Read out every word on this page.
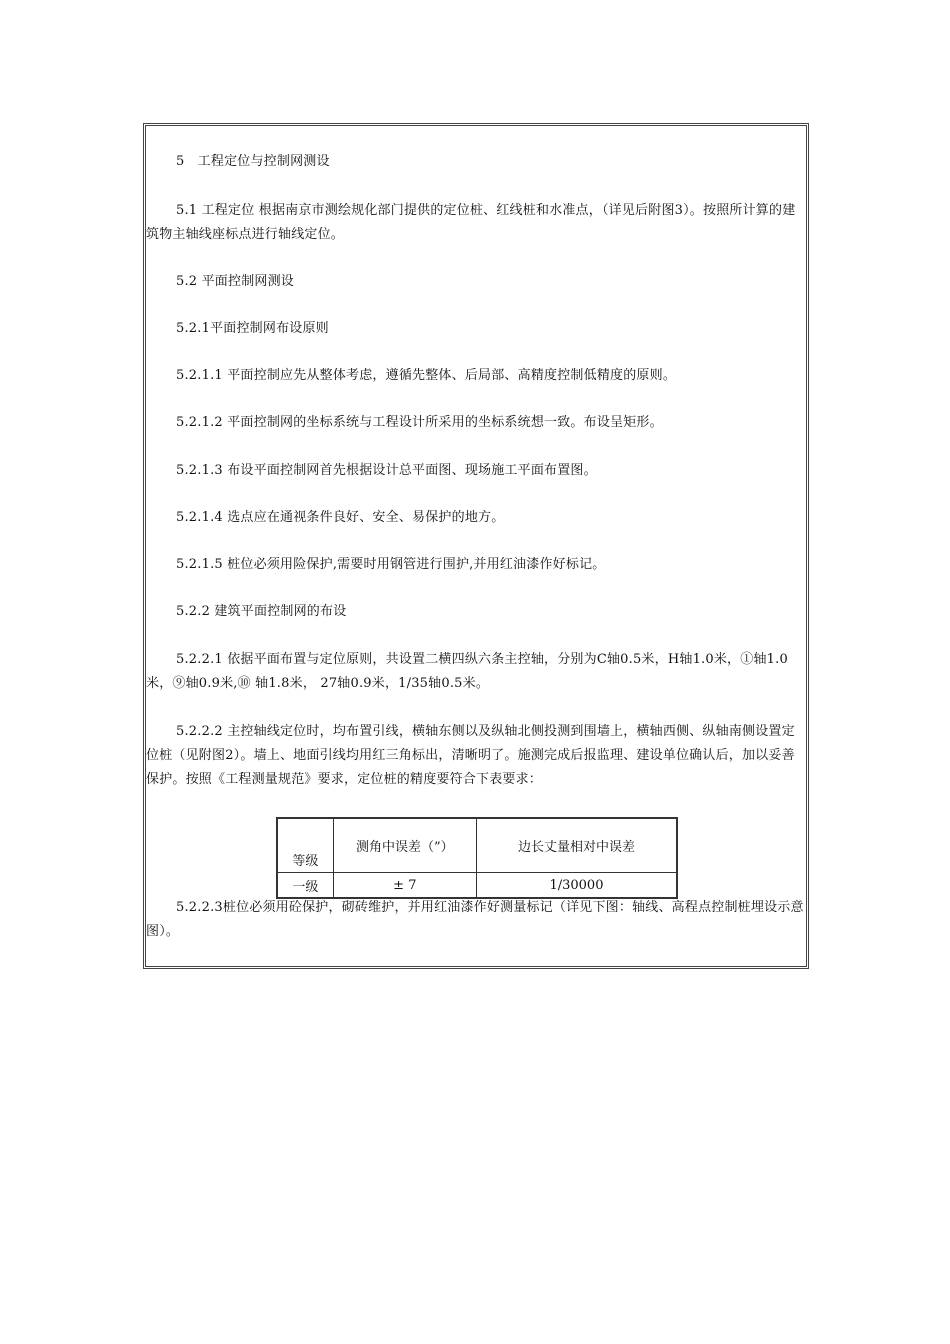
5　工程定位与控制网测设

5.1 工程定位 根据南京市测绘规化部门提供的定位桩、红线桩和水准点，（详见后附图3）。按照所计算的建筑物主轴线座标点进行轴线定位。

5.2 平面控制网测设

5.2.1平面控制网布设原则

5.2.1.1 平面控制应先从整体考虑，遵循先整体、后局部、高精度控制低精度的原则。

5.2.1.2 平面控制网的坐标系统与工程设计所采用的坐标系统想一致。布设呈矩形。

5.2.1.3 布设平面控制网首先根据设计总平面图、现场施工平面布置图。

5.2.1.4 选点应在通视条件良好、安全、易保护的地方。

5.2.1.5 桩位必须用险保护,需要时用钢管进行围护,并用红油漆作好标记。

5.2.2 建筑平面控制网的布设

5.2.2.1 依据平面布置与定位原则，共设置二横四纵六条主控轴，分别为C轴0.5米，H轴1.0米，①轴1.0米，⑨轴0.9米,⑩ 轴1.8米， 27轴0.9米，1/35轴0.5米。

5.2.2.2 主控轴线定位时，均布置引线，横轴东侧以及纵轴北侧投测到围墙上，横轴西侧、纵轴南侧设置定位桩（见附图2）。墙上、地面引线均用红三角标出，清晰明了。施测完成后报监理、建设单位确认后，加以妥善保护。按照《工程测量规范》要求，定位桩的精度要符合下表要求：

等级	测角中误差（”）	边长丈量相对中误差
一级	± 7	1/30000

5.2.2.3桩位必须用砼保护，砌砖维护，并用红油漆作好测量标记（详见下图：轴线、高程点控制桩埋设示意图）。
